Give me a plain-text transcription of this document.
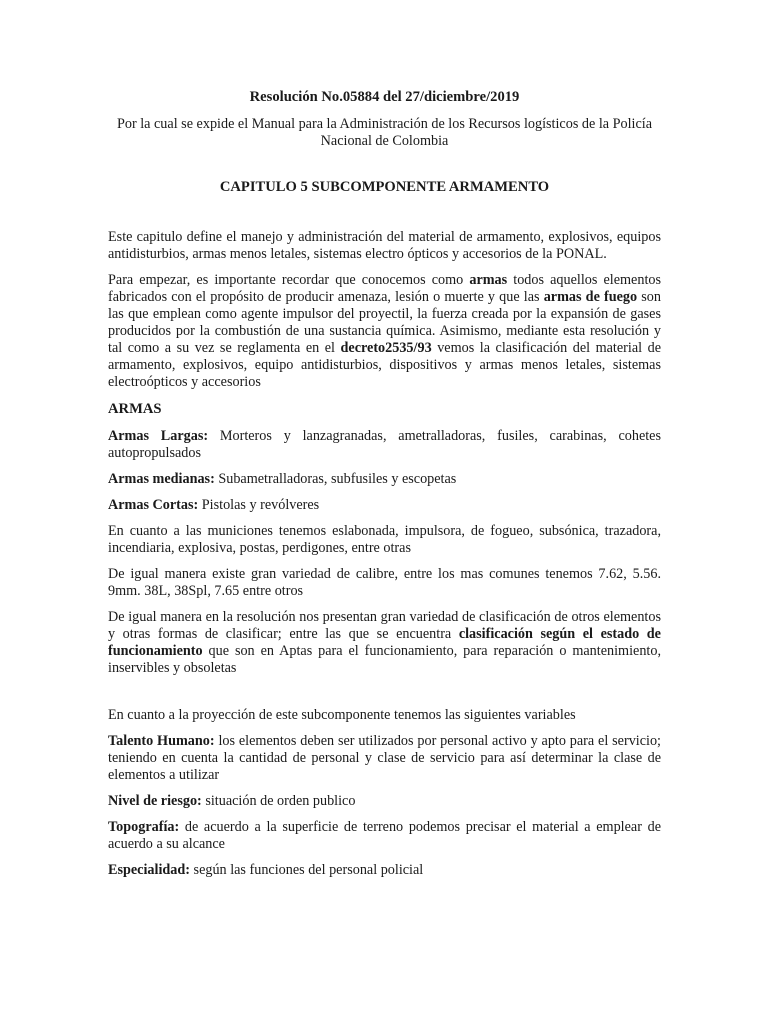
Resolución No.05884 del 27/diciembre/2019
Por la cual se expide el Manual para la Administración de los Recursos logísticos de la Policía Nacional de Colombia
CAPITULO 5 SUBCOMPONENTE ARMAMENTO

Este capitulo define el manejo y administración del material de armamento, explosivos, equipos antidisturbios, armas menos letales, sistemas electro ópticos y accesorios de la PONAL.

Para empezar, es importante recordar que conocemos como armas todos aquellos elementos fabricados con el propósito de producir amenaza, lesión o muerte y que las armas de fuego son las que emplean como agente impulsor del proyectil, la fuerza creada por la expansión de gases producidos por la combustión de una sustancia química. Asimismo, mediante esta resolución y tal como a su vez se reglamenta en el decreto2535/93 vemos la clasificación del material de armamento, explosivos, equipo antidisturbios, dispositivos y armas menos letales, sistemas electroópticos y accesorios

ARMAS

Armas Largas: Morteros y lanzagranadas, ametralladoras, fusiles, carabinas, cohetes autopropulsados

Armas medianas: Subametralladoras, subfusiles y escopetas

Armas Cortas: Pistolas y revólveres

En cuanto a las municiones tenemos eslabonada, impulsora, de fogueo, subsónica, trazadora, incendiaria, explosiva, postas, perdigones, entre otras

De igual manera existe gran variedad de calibre, entre los mas comunes tenemos 7.62, 5.56. 9mm. 38L, 38Spl, 7.65 entre otros

De igual manera en la resolución nos presentan gran variedad de clasificación de otros elementos y otras formas de clasificar; entre las que se encuentra clasificación según el estado de funcionamiento que son en Aptas para el funcionamiento, para reparación o mantenimiento, inservibles y obsoletas

En cuanto a la proyección de este subcomponente tenemos las siguientes variables

Talento Humano: los elementos deben ser utilizados por personal activo y apto para el servicio; teniendo en cuenta la cantidad de personal y clase de servicio para así determinar la clase de elementos a utilizar

Nivel de riesgo: situación de orden publico

Topografía: de acuerdo a la superficie de terreno podemos precisar el material a emplear de acuerdo a su alcance

Especialidad: según las funciones del personal policial
